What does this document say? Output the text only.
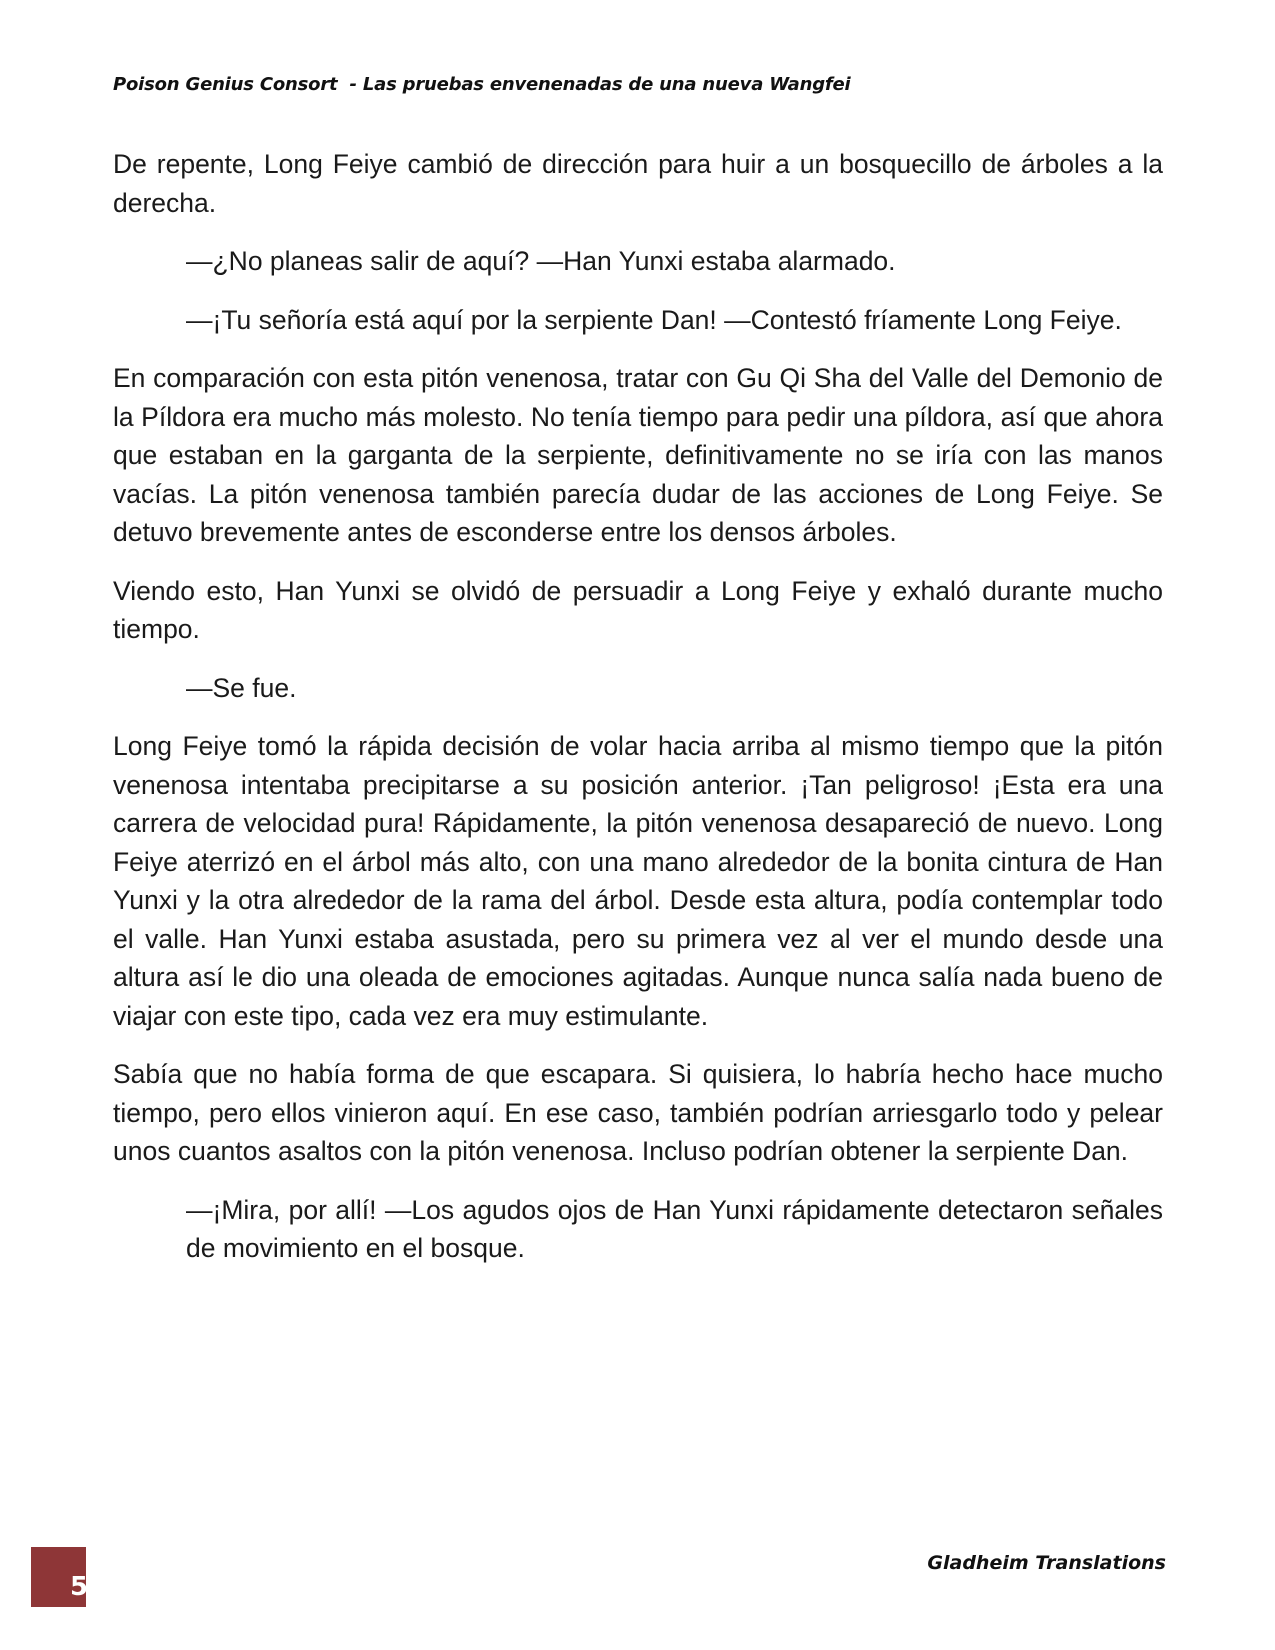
Poison Genius Consort  - Las pruebas envenenadas de una nueva Wangfei

De repente, Long Feiye cambió de dirección para huir a un bosquecillo de árboles a la derecha.

—¿No planeas salir de aquí? —Han Yunxi estaba alarmado.

—¡Tu señoría está aquí por la serpiente Dan! —Contestó fríamente Long Feiye.

En comparación con esta pitón venenosa, tratar con Gu Qi Sha del Valle del Demonio de la Píldora era mucho más molesto. No tenía tiempo para pedir una píldora, así que ahora que estaban en la garganta de la serpiente, definitivamente no se iría con las manos vacías. La pitón venenosa también parecía dudar de las acciones de Long Feiye. Se detuvo brevemente antes de esconderse entre los densos árboles.

Viendo esto, Han Yunxi se olvidó de persuadir a Long Feiye y exhaló durante mucho tiempo.

—Se fue.

Long Feiye tomó la rápida decisión de volar hacia arriba al mismo tiempo que la pitón venenosa intentaba precipitarse a su posición anterior. ¡Tan peligroso! ¡Esta era una carrera de velocidad pura! Rápidamente, la pitón venenosa desapareció de nuevo. Long Feiye aterrizó en el árbol más alto, con una mano alrededor de la bonita cintura de Han Yunxi y la otra alrededor de la rama del árbol. Desde esta altura, podía contemplar todo el valle. Han Yunxi estaba asustada, pero su primera vez al ver el mundo desde una altura así le dio una oleada de emociones agitadas. Aunque nunca salía nada bueno de viajar con este tipo, cada vez era muy estimulante.

Sabía que no había forma de que escapara. Si quisiera, lo habría hecho hace mucho tiempo, pero ellos vinieron aquí. En ese caso, también podrían arriesgarlo todo y pelear unos cuantos asaltos con la pitón venenosa. Incluso podrían obtener la serpiente Dan.

—¡Mira, por allí! —Los agudos ojos de Han Yunxi rápidamente detectaron señales de movimiento en el bosque.

5
Gladheim Translations
